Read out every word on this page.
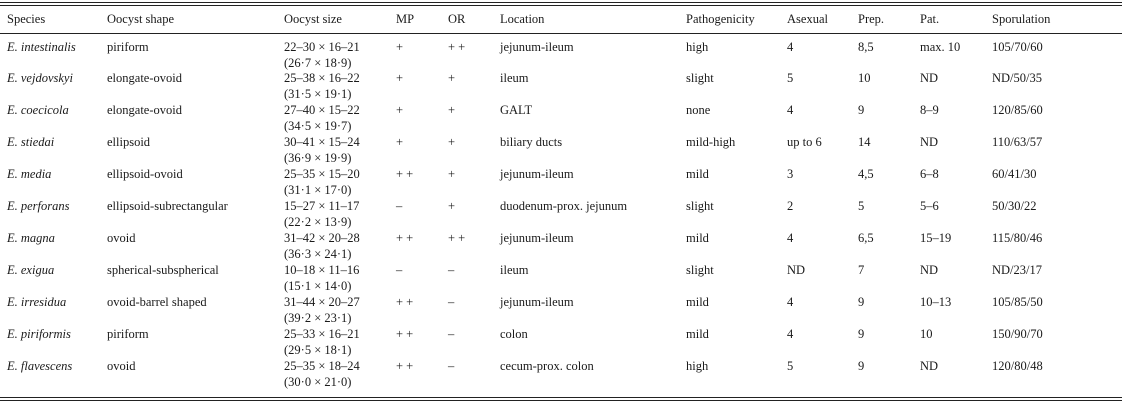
Species	Oocyst shape	Oocyst size	MP	OR	Location	Pathogenicity	Asexual	Prep.	Pat.	Sporulation
E. intestinalis	piriform	22–30 × 16–21
(26·7 × 18·9)	+	+ +	jejunum-ileum	high	4	8,5	max. 10	105/70/60
E. vejdovskyi	elongate-ovoid	25–38 × 16–22
(31·5 × 19·1)	+	+	ileum	slight	5	10	ND	ND/50/35
E. coecicola	elongate-ovoid	27–40 × 15–22
(34·5 × 19·7)	+	+	GALT	none	4	9	8–9	120/85/60
E. stiedai	ellipsoid	30–41 × 15–24
(36·9 × 19·9)	+	+	biliary ducts	mild-high	up to 6	14	ND	110/63/57
E. media	ellipsoid-ovoid	25–35 × 15–20
(31·1 × 17·0)	+ +	+	jejunum-ileum	mild	3	4,5	6–8	60/41/30
E. perforans	ellipsoid-subrectangular	15–27 × 11–17
(22·2 × 13·9)	–	+	duodenum-prox. jejunum	slight	2	5	5–6	50/30/22
E. magna	ovoid	31–42 × 20–28
(36·3 × 24·1)	+ +	+ +	jejunum-ileum	mild	4	6,5	15–19	115/80/46
E. exigua	spherical-subspherical	10–18 × 11–16
(15·1 × 14·0)	–	–	ileum	slight	ND	7	ND	ND/23/17
E. irresidua	ovoid-barrel shaped	31–44 × 20–27
(39·2 × 23·1)	+ +	–	jejunum-ileum	mild	4	9	10–13	105/85/50
E. piriformis	piriform	25–33 × 16–21
(29·5 × 18·1)	+ +	–	colon	mild	4	9	10	150/90/70
E. flavescens	ovoid	25–35 × 18–24
(30·0 × 21·0)	+ +	–	cecum-prox. colon	high	5	9	ND	120/80/48
